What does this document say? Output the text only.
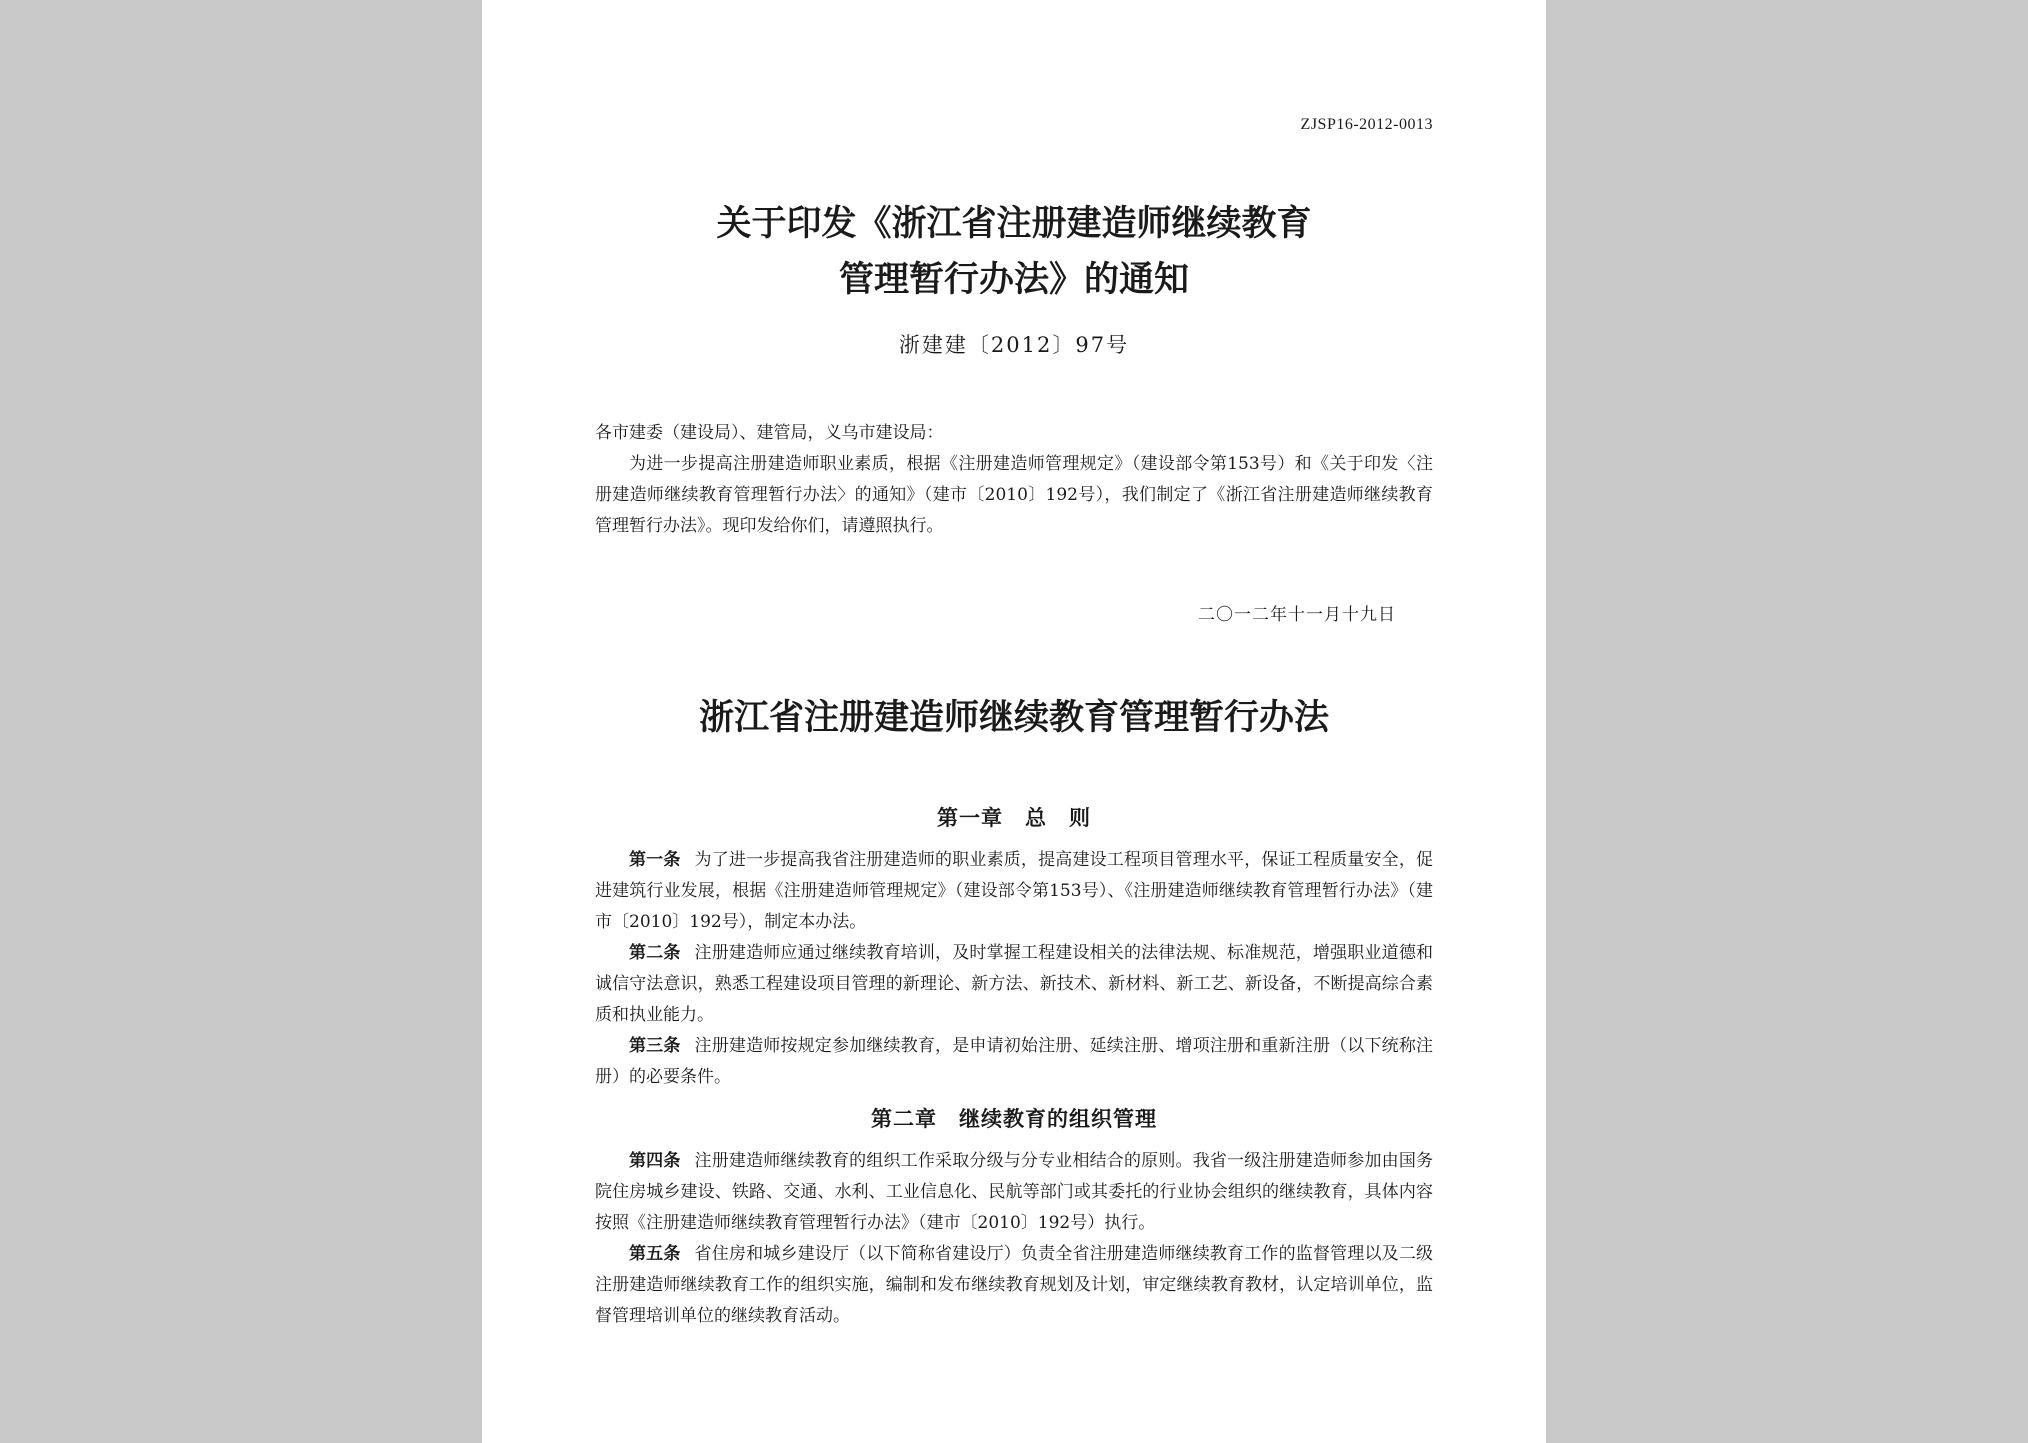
ZJSP16-2012-0013
关于印发《浙江省注册建造师继续教育
管理暂行办法》的通知
浙建建〔2012〕97号

各市建委（建设局）、建管局，义乌市建设局：

为进一步提高注册建造师职业素质，根据《注册建造师管理规定》（建设部令第153号）和《关于印发〈注册建造师继续教育管理暂行办法〉的通知》（建市〔2010〕192号），我们制定了《浙江省注册建造师继续教育管理暂行办法》。现印发给你们，请遵照执行。

二〇一二年十一月十九日
浙江省注册建造师继续教育管理暂行办法
第一章　总　则

第一条 为了进一步提高我省注册建造师的职业素质，提高建设工程项目管理水平，保证工程质量安全，促进建筑行业发展，根据《注册建造师管理规定》（建设部令第153号）、《注册建造师继续教育管理暂行办法》（建市〔2010〕192号），制定本办法。

第二条 注册建造师应通过继续教育培训，及时掌握工程建设相关的法律法规、标准规范，增强职业道德和诚信守法意识，熟悉工程建设项目管理的新理论、新方法、新技术、新材料、新工艺、新设备，不断提高综合素质和执业能力。

第三条 注册建造师按规定参加继续教育，是申请初始注册、延续注册、增项注册和重新注册（以下统称注册）的必要条件。

第二章　继续教育的组织管理

第四条 注册建造师继续教育的组织工作采取分级与分专业相结合的原则。我省一级注册建造师参加由国务院住房城乡建设、铁路、交通、水利、工业信息化、民航等部门或其委托的行业协会组织的继续教育，具体内容按照《注册建造师继续教育管理暂行办法》（建市〔2010〕192号）执行。

第五条 省住房和城乡建设厅（以下简称省建设厅）负责全省注册建造师继续教育工作的监督管理以及二级注册建造师继续教育工作的组织实施，编制和发布继续教育规划及计划，审定继续教育教材，认定培训单位，监督管理培训单位的继续教育活动。
